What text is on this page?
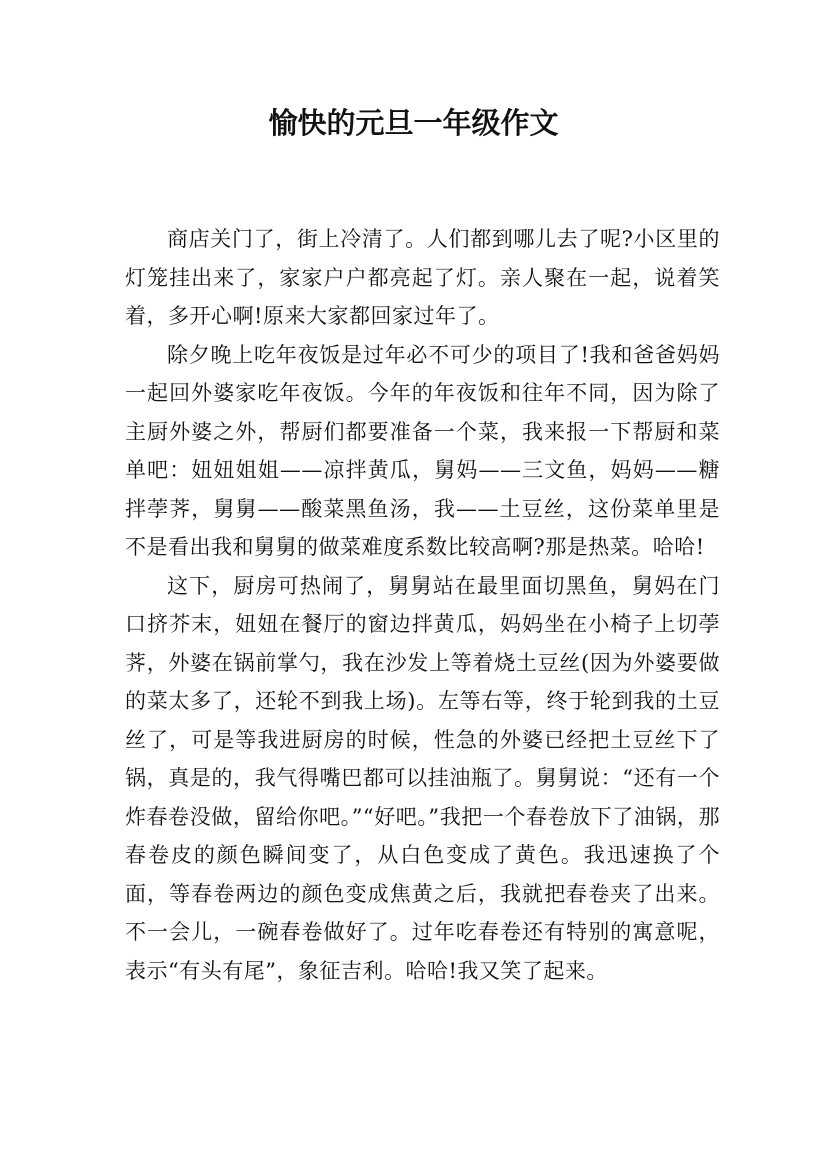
愉快的元旦一年级作文

商店关门了，街上冷清了。人们都到哪儿去了呢?小区里的灯笼挂出来了，家家户户都亮起了灯。亲人聚在一起，说着笑着，多开心啊!原来大家都回家过年了。

除夕晚上吃年夜饭是过年必不可少的项目了!我和爸爸妈妈一起回外婆家吃年夜饭。今年的年夜饭和往年不同，因为除了主厨外婆之外，帮厨们都要准备一个菜，我来报一下帮厨和菜单吧：妞妞姐姐——凉拌黄瓜，舅妈——三文鱼，妈妈——糖拌荸荠，舅舅——酸菜黑鱼汤，我——土豆丝，这份菜单里是不是看出我和舅舅的做菜难度系数比较高啊?那是热菜。哈哈!

这下，厨房可热闹了，舅舅站在最里面切黑鱼，舅妈在门口挤芥末，妞妞在餐厅的窗边拌黄瓜，妈妈坐在小椅子上切荸荠，外婆在锅前掌勺，我在沙发上等着烧土豆丝(因为外婆要做的菜太多了，还轮不到我上场)。左等右等，终于轮到我的土豆丝了，可是等我进厨房的时候，性急的外婆已经把土豆丝下了锅，真是的，我气得嘴巴都可以挂油瓶了。舅舅说：“还有一个炸春卷没做，留给你吧。”“好吧。”我把一个春卷放下了油锅，那春卷皮的颜色瞬间变了，从白色变成了黄色。我迅速换了个面，等春卷两边的颜色变成焦黄之后，我就把春卷夹了出来。不一会儿，一碗春卷做好了。过年吃春卷还有特别的寓意呢，表示“有头有尾”，象征吉利。哈哈!我又笑了起来。
